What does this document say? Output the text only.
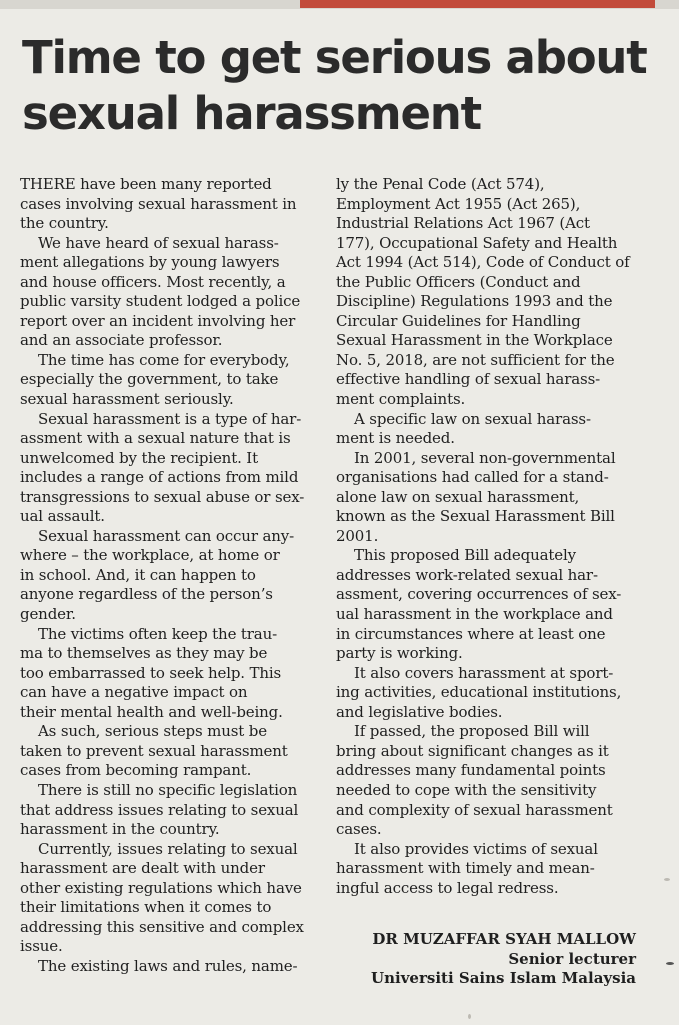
Time to get serious about
sexual harassment
THERE have been many reported
cases involving sexual harassment in
the country.
We have heard of sexual harass-
ment allegations by young lawyers
and house officers. Most recently, a
public varsity student lodged a police
report over an incident involving her
and an associate professor.
The time has come for everybody,
especially the government, to take
sexual harassment seriously.
Sexual harassment is a type of har-
assment with a sexual nature that is
unwelcomed by the recipient. It
includes a range of actions from mild
transgressions to sexual abuse or sex-
ual assault.
Sexual harassment can occur any-
where – the workplace, at home or
in school. And, it can happen to
anyone regardless of the person’s
gender.
The victims often keep the trau-
ma to themselves as they may be
too embarrassed to seek help. This
can have a negative impact on
their mental health and well-being.
As such, serious steps must be
taken to prevent sexual harassment
cases from becoming rampant.
There is still no specific legislation
that address issues relating to sexual
harassment in the country.
Currently, issues relating to sexual
harassment are dealt with under
other existing regulations which have
their limitations when it comes to
addressing this sensitive and complex
issue.
The existing laws and rules, name-
ly the Penal Code (Act 574),
Employment Act 1955 (Act 265),
Industrial Relations Act 1967 (Act
177), Occupational Safety and Health
Act 1994 (Act 514), Code of Conduct of
the Public Officers (Conduct and
Discipline) Regulations 1993 and the
Circular Guidelines for Handling
Sexual Harassment in the Workplace
No. 5, 2018, are not sufficient for the
effective handling of sexual harass-
ment complaints.
A specific law on sexual harass-
ment is needed.
In 2001, several non-governmental
organisations had called for a stand-
alone law on sexual harassment,
known as the Sexual Harassment Bill
2001.
This proposed Bill adequately
addresses work-related sexual har-
assment, covering occurrences of sex-
ual harassment in the workplace and
in circumstances where at least one
party is working.
It also covers harassment at sport-
ing activities, educational institutions,
and legislative bodies.
If passed, the proposed Bill will
bring about significant changes as it
addresses many fundamental points
needed to cope with the sensitivity
and complexity of sexual harassment
cases.
It also provides victims of sexual
harassment with timely and mean-
ingful access to legal redress.
DR MUZAFFAR SYAH MALLOW
Senior lecturer
Universiti Sains Islam Malaysia
